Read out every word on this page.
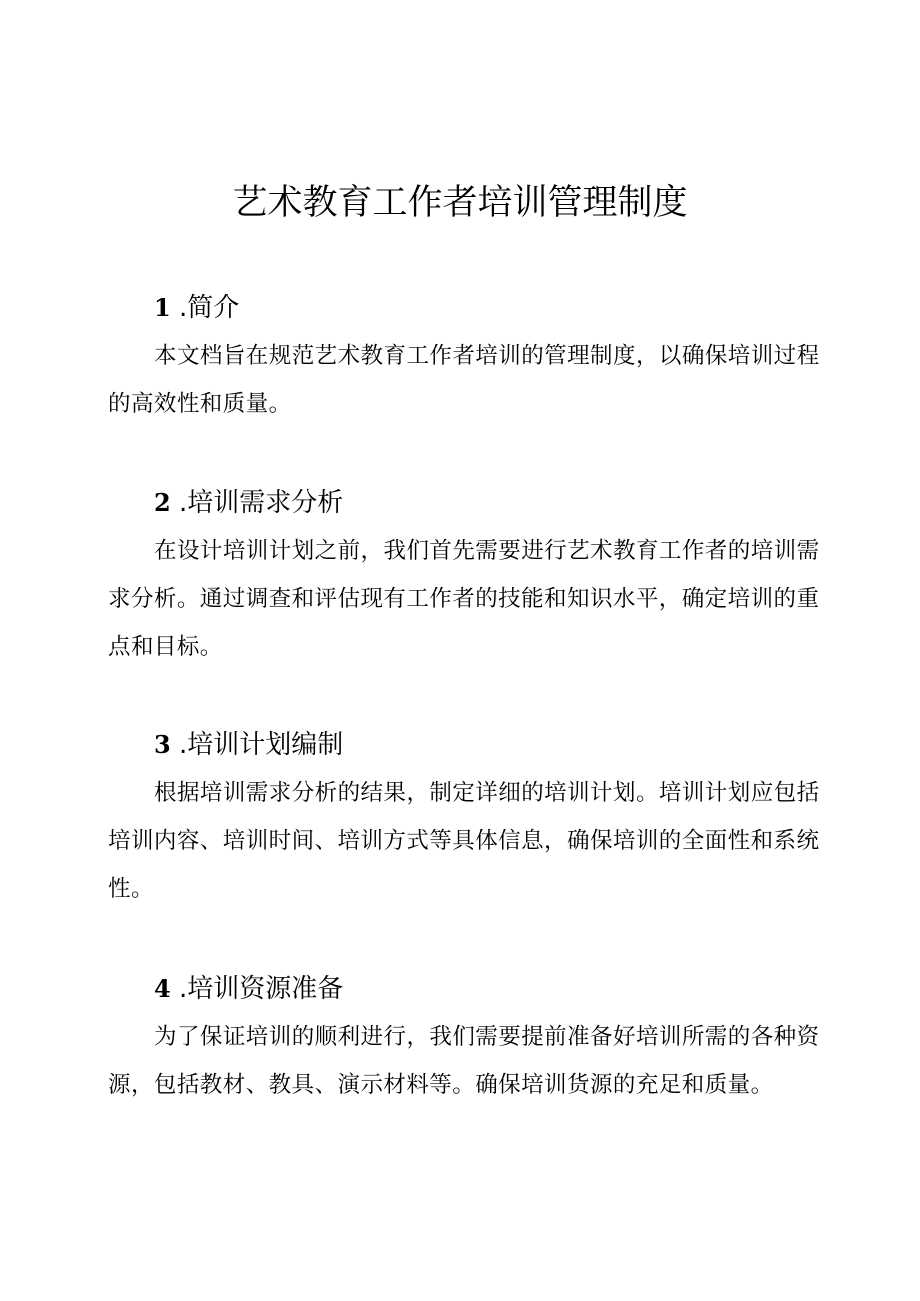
艺术教育工作者培训管理制度
1 .简介

本文档旨在规范艺术教育工作者培训的管理制度，以确保培训过程的高效性和质量。

2 .培训需求分析

在设计培训计划之前，我们首先需要进行艺术教育工作者的培训需求分析。通过调查和评估现有工作者的技能和知识水平，确定培训的重点和目标。

3 .培训计划编制

根据培训需求分析的结果，制定详细的培训计划。培训计划应包括培训内容、培训时间、培训方式等具体信息，确保培训的全面性和系统性。

4 .培训资源准备

为了保证培训的顺利进行，我们需要提前准备好培训所需的各种资源，包括教材、教具、演示材料等。确保培训货源的充足和质量。
